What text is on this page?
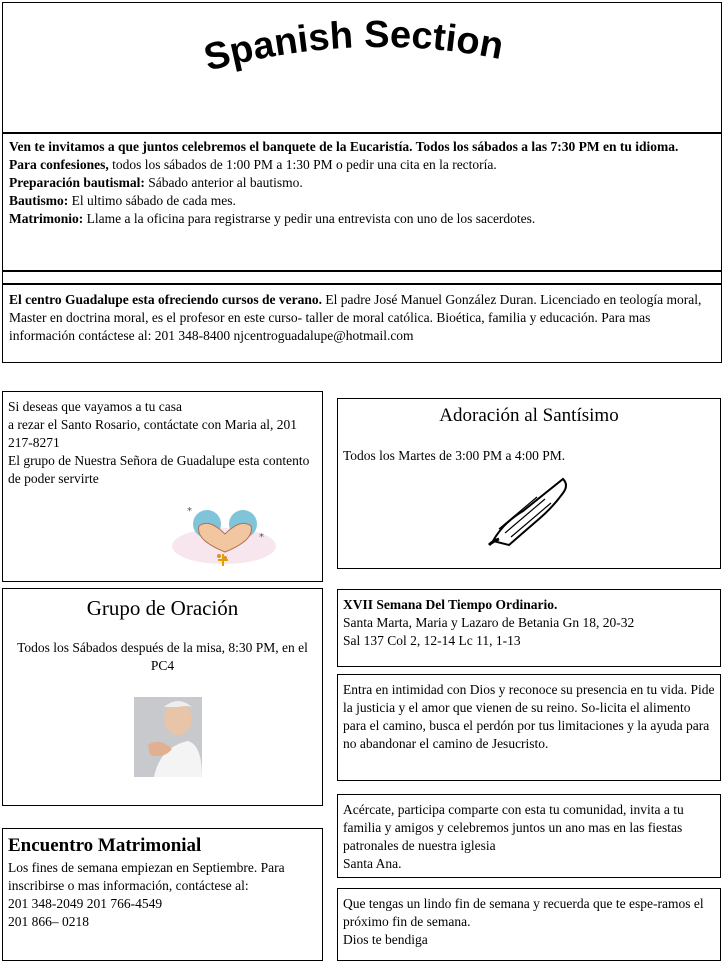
Spanish Section

Ven te invitamos a que juntos celebremos el banquete de la Eucaristía. Todos los sábados a las 7:30 PM en tu idioma.

Para confesiones, todos los sábados de 1:00 PM a 1:30 PM o pedir una cita en la rectoría.

Preparación bautismal: Sábado anterior al bautismo.

Bautismo: El ultimo sábado de cada mes.

Matrimonio: Llame a la oficina para registrarse y pedir una entrevista con uno de los sacerdotes.

El centro Guadalupe esta ofreciendo cursos de verano. El padre José Manuel González Duran. Licenciado en teología moral, Master en doctrina moral, es el profesor en este curso- taller de moral católica. Bioética, familia y educación. Para mas información contáctese al: 201 348-8400 njcentroguadalupe@hotmail.com

Si deseas que vayamos a tu casa

a rezar el Santo Rosario, contáctate con Maria al, 201 217-8271

El grupo de Nuestra Señora de Guadalupe esta contento de poder servirte

*
*

Adoración al Santísimo

Todos los Martes de 3:00 PM a 4:00 PM.

Grupo de Oración

Todos los Sábados después de la misa, 8:30 PM, en el PC4

XVII Semana Del Tiempo Ordinario.

Santa Marta, Maria y Lazaro de Betania Gn 18, 20-32

Sal 137 Col 2, 12-14 Lc 11, 1-13

Entra en intimidad con Dios y reconoce su presencia en tu vida. Pide la justicia y el amor que vienen de su reino. So-licita el alimento para el camino, busca el perdón por tus limitaciones y la ayuda para no abandonar el camino de Jesucristo.

Acércate, participa comparte con esta tu comunidad, invita a tu familia y amigos y celebremos juntos un ano mas en las fiestas patronales de nuestra iglesia

Santa Ana.

Encuentro Matrimonial

Los fines de semana empiezan en Septiembre. Para inscribirse o mas información, contáctese al:

201 348-2049 201 766-4549

201 866– 0218

Que tengas un lindo fin de semana y recuerda que te espe-ramos el próximo fin de semana.

Dios te bendiga
